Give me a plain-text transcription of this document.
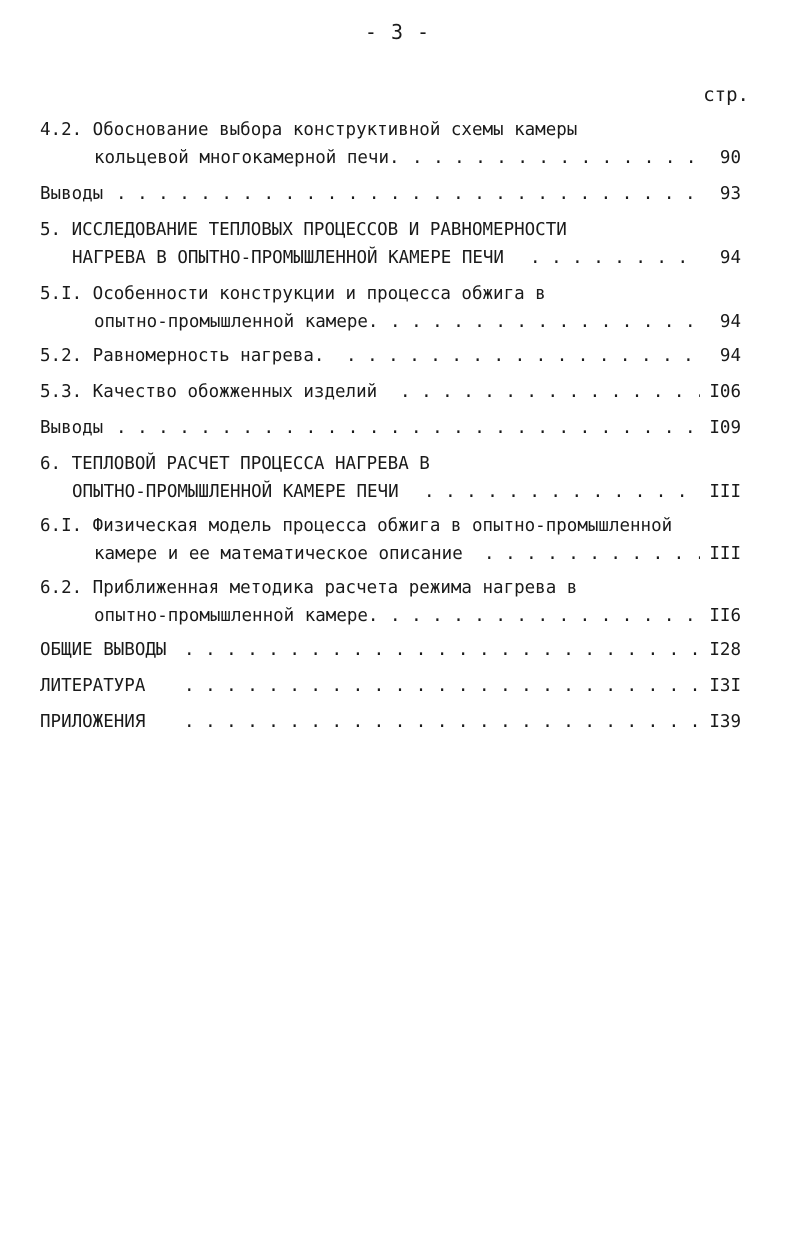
- 3 -
стр.
4.2. Обоснование выбора конструктивной схемы камеры
кольцевой многокамерной печи. . . .	90
Выводы . . .	93
5. ИССЛЕДОВАНИЕ ТЕПЛОВЫХ ПРОЦЕССОВ И РАВНОМЕРНОСТИ
НАГРЕВА В ОПЫТНО-ПРОМЫШЛЕННОЙ КАМЕРЕ ПЕЧИ . . .	94
5.I. Особенности конструкции и процесса обжига в
опытно-промышленной камере. . . .	94
5.2. Равномерность нагрева. . . .	94
5.3. Качество обожженных изделий . . .	I06
Выводы . . .	I09
6. ТЕПЛОВОЙ РАСЧЕТ ПРОЦЕССА НАГРЕВА В
ОПЫТНО-ПРОМЫШЛЕННОЙ КАМЕРЕ ПЕЧИ . . .	III
6.I. Физическая модель процесса обжига в опытно-промышленной
камере и ее математическое описание . . .	III
6.2. Приближенная методика расчета режима нагрева в
опытно-промышленной камере. . . .	II6
ОБЩИЕ ВЫВОДЫ . . .	I28
ЛИТЕРАТУРА . . .	I3I
ПРИЛОЖЕНИЯ . . .	I39
